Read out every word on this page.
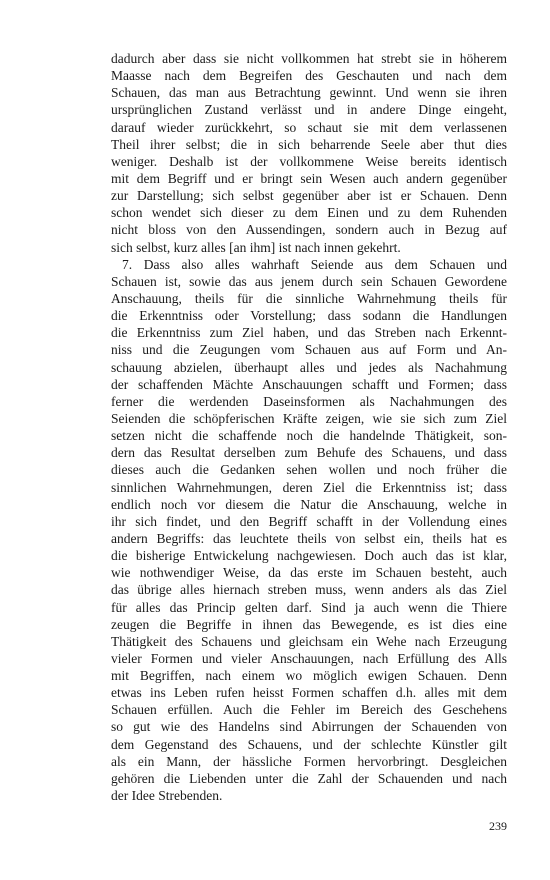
dadurch aber dass sie nicht vollkommen hat strebt sie in höherem
Maasse nach dem Begreifen des Geschauten und nach dem
Schauen, das man aus Betrachtung gewinnt. Und wenn sie ihren
ursprünglichen Zustand verlässt und in andere Dinge eingeht,
darauf wieder zurückkehrt, so schaut sie mit dem verlassenen
Theil ihrer selbst; die in sich beharrende Seele aber thut dies
weniger. Deshalb ist der vollkommene Weise bereits identisch
mit dem Begriff und er bringt sein Wesen auch andern gegenüber
zur Darstellung; sich selbst gegenüber aber ist er Schauen. Denn
schon wendet sich dieser zu dem Einen und zu dem Ruhenden
nicht bloss von den Aussendingen, sondern auch in Bezug auf
sich selbst, kurz alles [an ihm] ist nach innen gekehrt.
7. Dass also alles wahrhaft Seiende aus dem Schauen und
Schauen ist, sowie das aus jenem durch sein Schauen Gewordene
Anschauung, theils für die sinnliche Wahrnehmung theils für
die Erkenntniss oder Vorstellung; dass sodann die Handlungen
die Erkenntniss zum Ziel haben, und das Streben nach Erkennt-
niss und die Zeugungen vom Schauen aus auf Form und An-
schauung abzielen, überhaupt alles und jedes als Nachahmung
der schaffenden Mächte Anschauungen schafft und Formen; dass
ferner die werdenden Daseinsformen als Nachahmungen des
Seienden die schöpferischen Kräfte zeigen, wie sie sich zum Ziel
setzen nicht die schaffende noch die handelnde Thätigkeit, son-
dern das Resultat derselben zum Behufe des Schauens, und dass
dieses auch die Gedanken sehen wollen und noch früher die
sinnlichen Wahrnehmungen, deren Ziel die Erkenntniss ist; dass
endlich noch vor diesem die Natur die Anschauung, welche in
ihr sich findet, und den Begriff schafft in der Vollendung eines
andern Begriffs: das leuchtete theils von selbst ein, theils hat es
die bisherige Entwickelung nachgewiesen. Doch auch das ist klar,
wie nothwendiger Weise, da das erste im Schauen besteht, auch
das übrige alles hiernach streben muss, wenn anders als das Ziel
für alles das Princip gelten darf. Sind ja auch wenn die Thiere
zeugen die Begriffe in ihnen das Bewegende, es ist dies eine
Thätigkeit des Schauens und gleichsam ein Wehe nach Erzeugung
vieler Formen und vieler Anschauungen, nach Erfüllung des Alls
mit Begriffen, nach einem wo möglich ewigen Schauen. Denn
etwas ins Leben rufen heisst Formen schaffen d.h. alles mit dem
Schauen erfüllen. Auch die Fehler im Bereich des Geschehens
so gut wie des Handelns sind Abirrungen der Schauenden von
dem Gegenstand des Schauens, und der schlechte Künstler gilt
als ein Mann, der hässliche Formen hervorbringt. Desgleichen
gehören die Liebenden unter die Zahl der Schauenden und nach
der Idee Strebenden.
239
